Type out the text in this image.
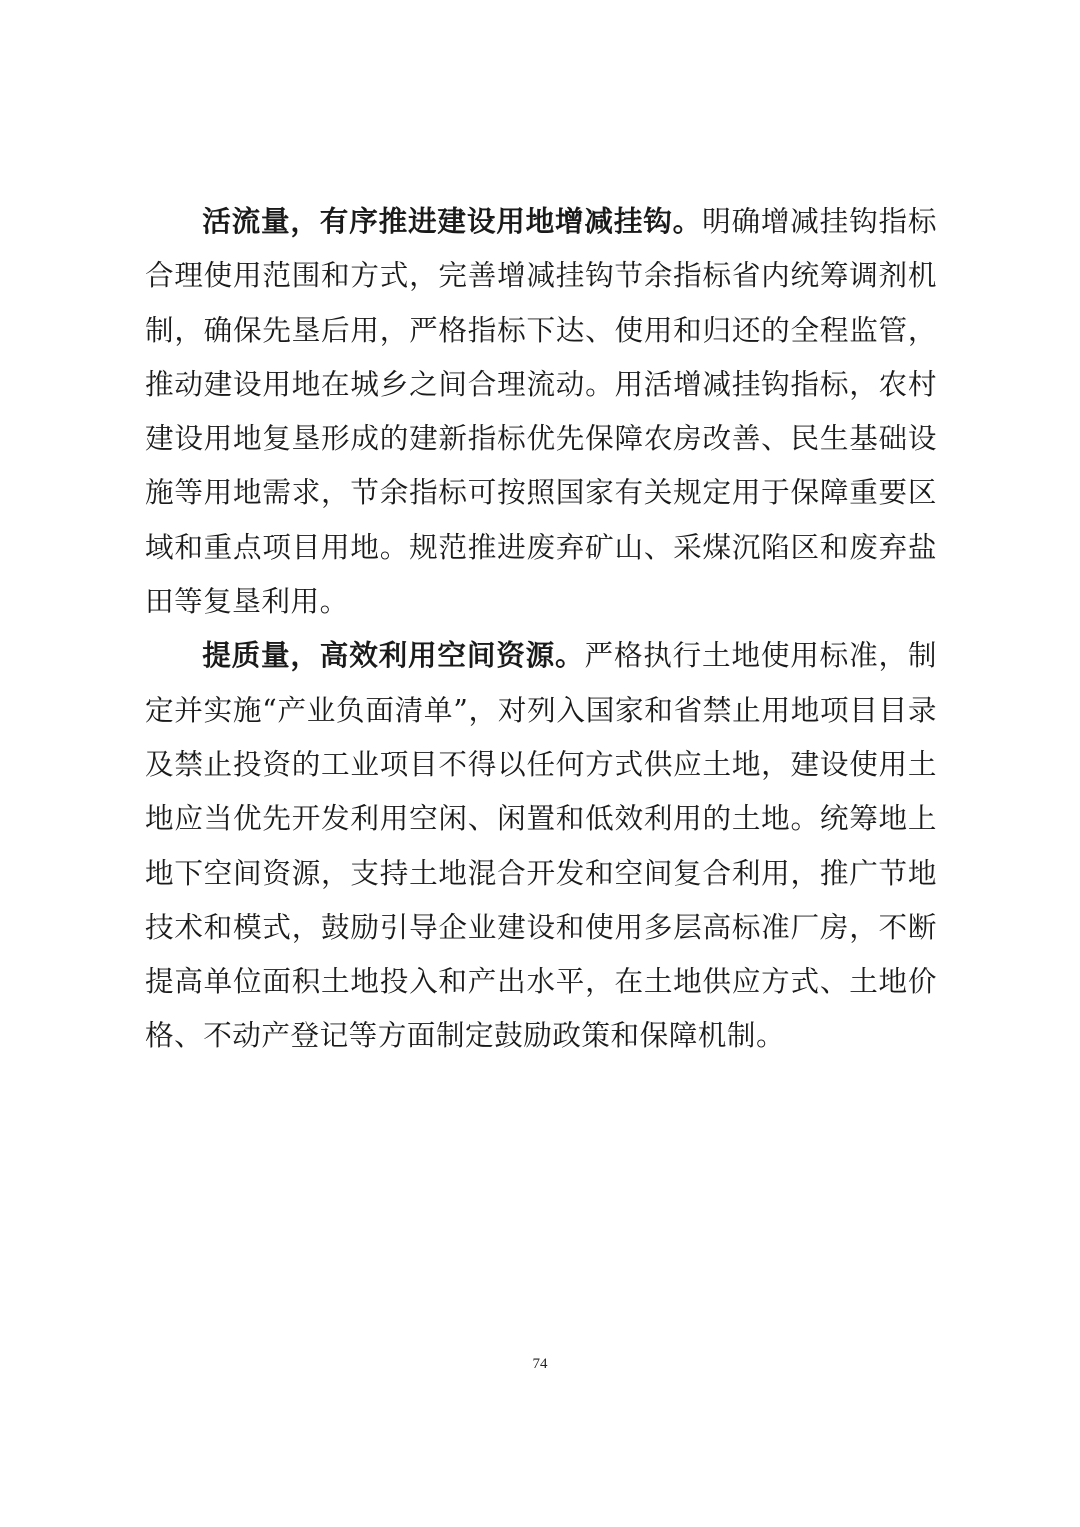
活流量，有序推进建设用地增减挂钩。明确增减挂钩指标合理使用范围和方式，完善增减挂钩节余指标省内统筹调剂机制，确保先垦后用，严格指标下达、使用和归还的全程监管，推动建设用地在城乡之间合理流动。用活增减挂钩指标，农村建设用地复垦形成的建新指标优先保障农房改善、民生基础设施等用地需求，节余指标可按照国家有关规定用于保障重要区域和重点项目用地。规范推进废弃矿山、采煤沉陷区和废弃盐田等复垦利用。

提质量，高效利用空间资源。严格执行土地使用标准，制定并实施“产业负面清单”，对列入国家和省禁止用地项目目录及禁止投资的工业项目不得以任何方式供应土地，建设使用土地应当优先开发利用空闲、闲置和低效利用的土地。统筹地上地下空间资源，支持土地混合开发和空间复合利用，推广节地技术和模式，鼓励引导企业建设和使用多层高标准厂房，不断提高单位面积土地投入和产出水平，在土地供应方式、土地价格、不动产登记等方面制定鼓励政策和保障机制。

74
